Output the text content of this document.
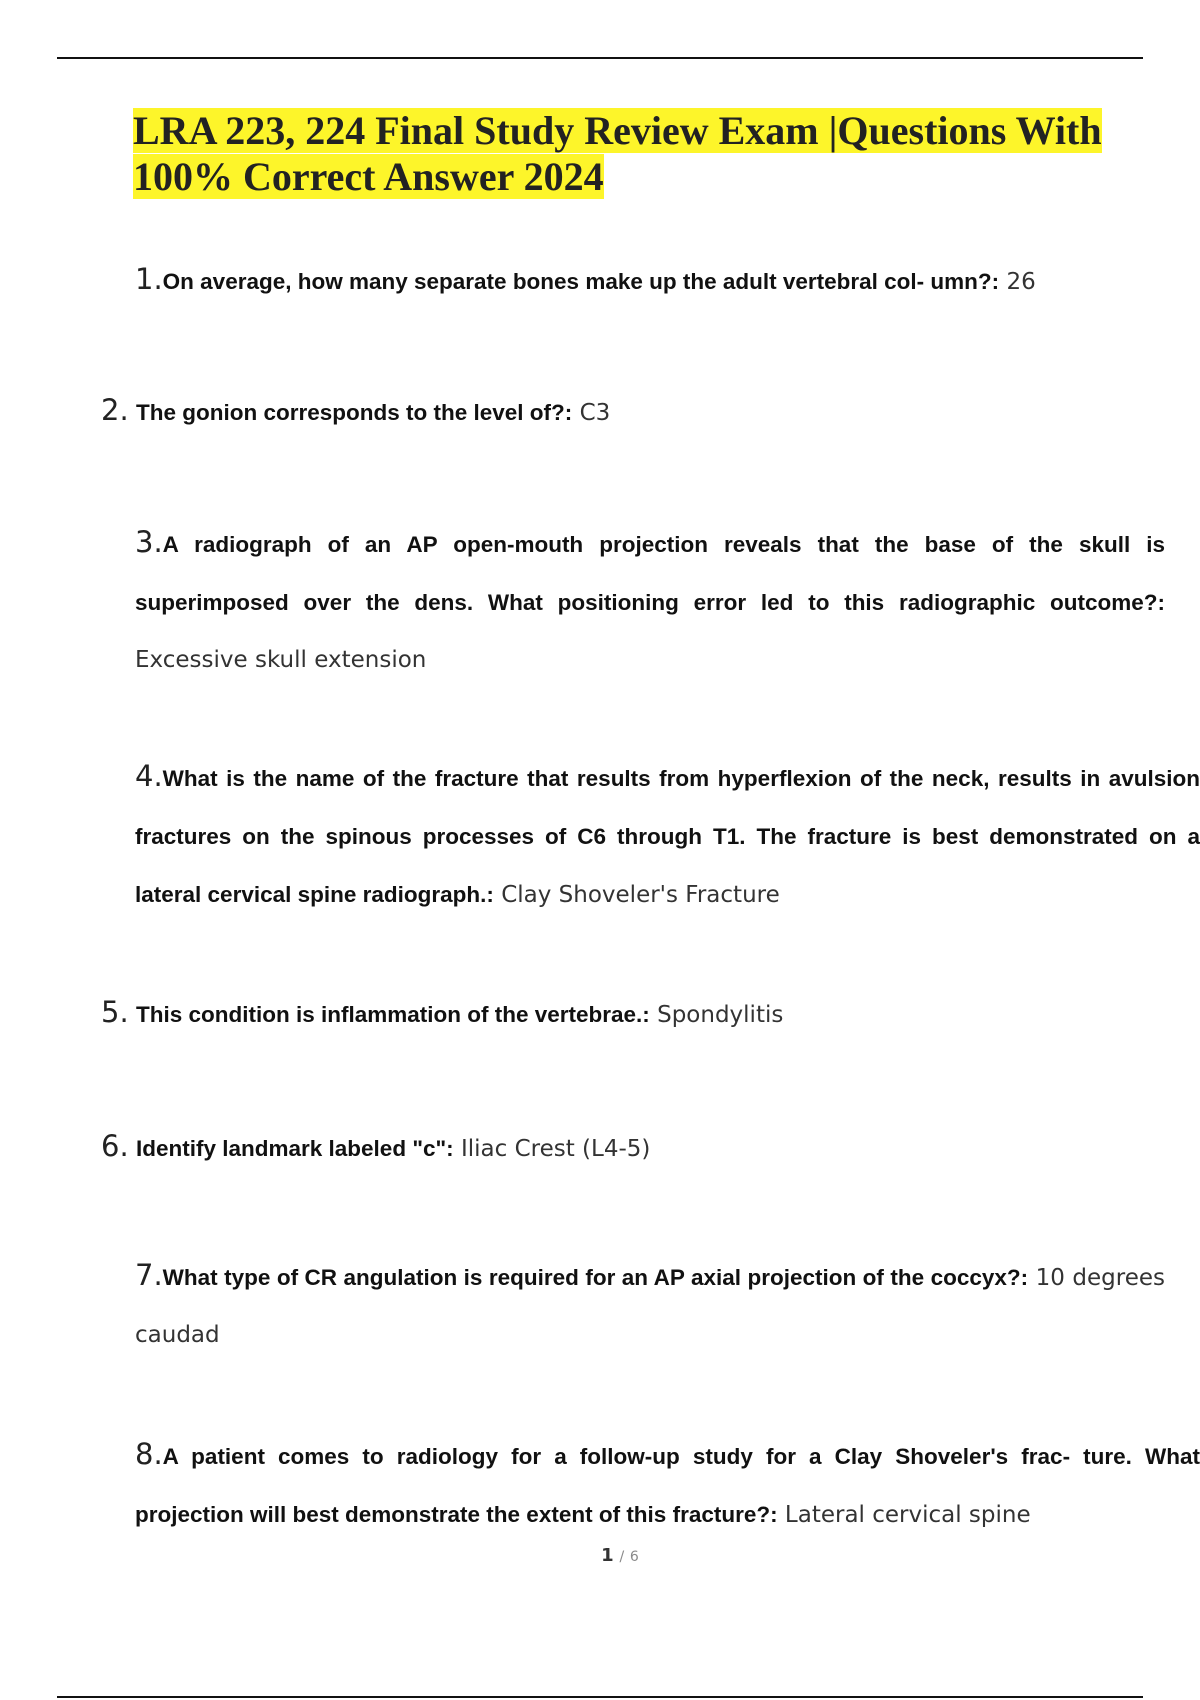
LRA 223, 224 Final Study Review Exam |Questions With 100% Correct Answer 2024

1.On average, how many separate bones make up the adult vertebral col- umn?: 26

2. The gonion corresponds to the level of?: C3

3.A radiograph of an AP open-mouth projection reveals that the base of the skull is superimposed over the dens. What positioning error led to this radiographic outcome?: Excessive skull extension

4.What is the name of the fracture that results from hyperflexion of the neck, results in avulsion fractures on the spinous processes of C6 through T1. The fracture is best demonstrated on a lateral cervical spine radiograph.: Clay Shoveler's Fracture

5. This condition is inflammation of the vertebrae.: Spondylitis

6. Identify landmark labeled "c": Iliac Crest (L4-5)

7.What type of CR angulation is required for an AP axial projection of the coccyx?: 10 degrees caudad

8.A patient comes to radiology for a follow-up study for a Clay Shoveler's frac- ture. What projection will best demonstrate the extent of this fracture?: Lateral cervical spine

1 / 6
